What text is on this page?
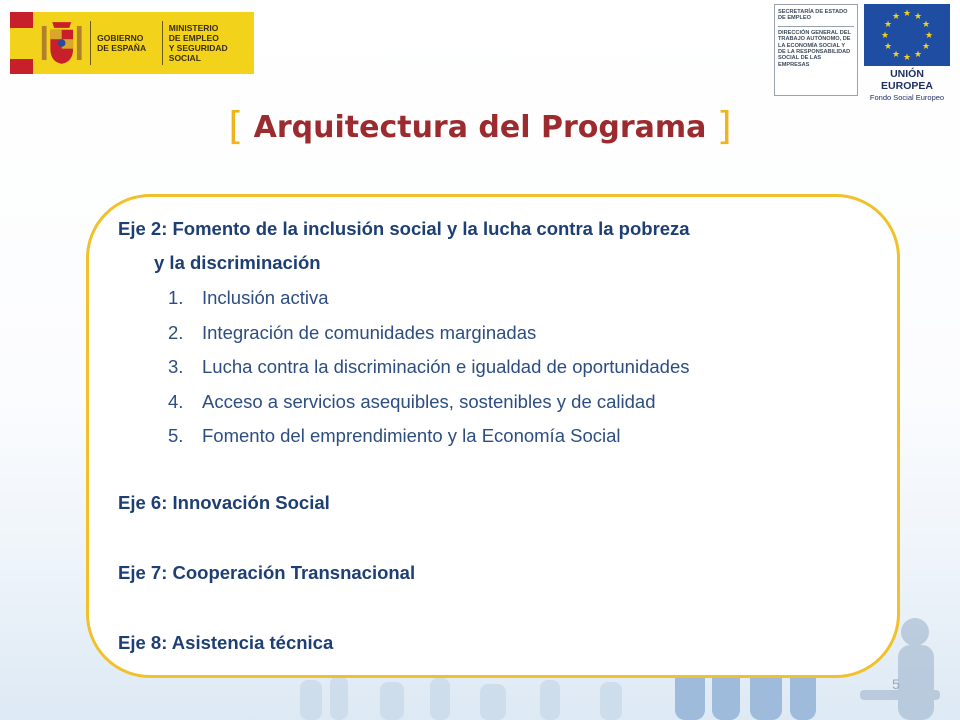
GOBIERNO
DE ESPAÑA
MINISTERIO
DE EMPLEO
Y SEGURIDAD SOCIAL
SECRETARÍA DE ESTADO
DE EMPLEO
DIRECCIÓN GENERAL DEL
TRABAJO AUTÓNOMO, DE
LA ECONOMÍA SOCIAL Y
DE LA RESPONSABILIDAD
SOCIAL DE LAS EMPRESAS
★ ★
★
★
★
★
★
★
★
★
★
★
UNIÓN EUROPEA
Fondo Social Europeo
[ Arquitectura del Programa ]
Eje 2: Fomento de la inclusión social y la lucha contra la pobreza
y la discriminación
1.	Inclusión activa
2.	Integración de comunidades marginadas
3.	Lucha contra la discriminación e igualdad de oportunidades
4.	Acceso a servicios asequibles, sostenibles y de calidad
5.	Fomento del emprendimiento y la Economía Social
Eje 6: Innovación Social
Eje 7: Cooperación Transnacional
Eje 8: Asistencia técnica
5
